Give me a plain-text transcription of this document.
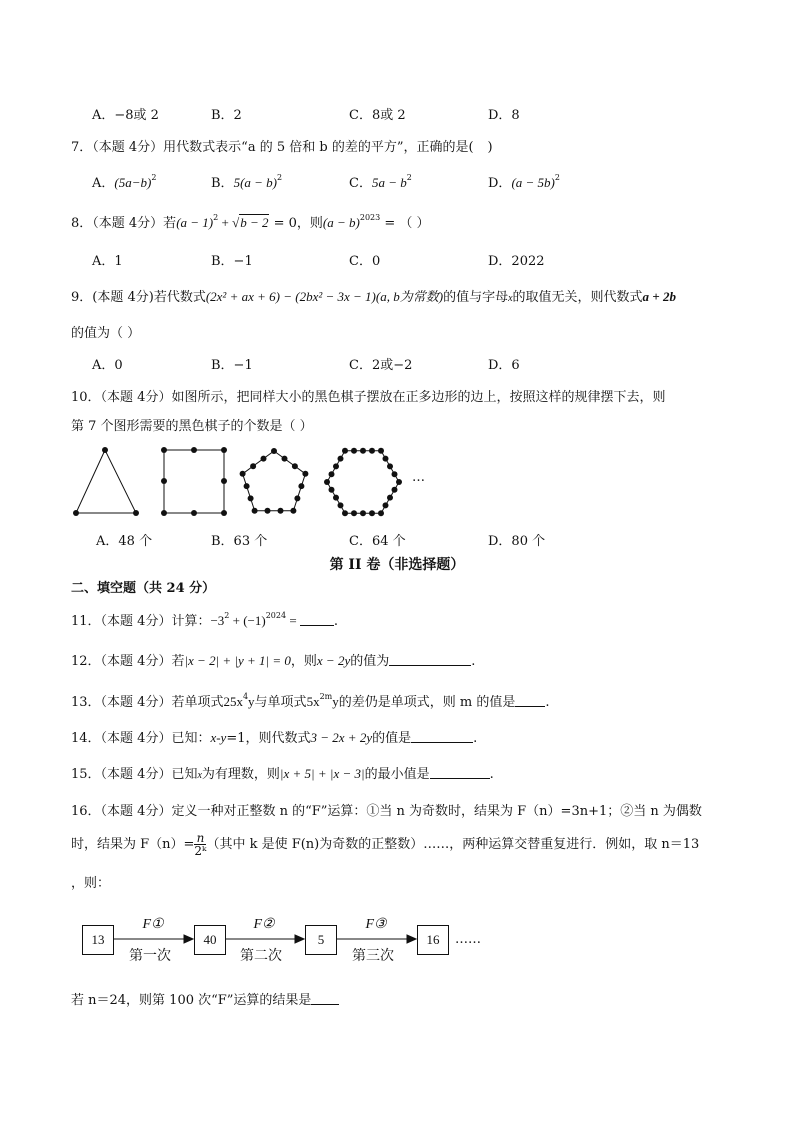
A．−8或 2	B．2	C．8或 2	D．8
7．（本题 4分）用代数式表示“a 的 5 倍和 b 的差的平方”，正确的是( )
A．$(5a-b)^2$	B．$5(a - b)^2$	C．$5a - b^2$	D．$(a - 5b)^2$
8．（本题 4分）若$(a - 1)^2 + √b - 2 = 0$，则$(a - b)^{2023}$ = （ ）
A．1	B．−1	C．0	D．2022
9．(本题 4分)若代数式(2x² + ax + 6) − (2bx² − 3x − 1)(a, b为常数)的值与字母x的取值无关，则代数式a + 2b
的值为（ ）
A．0	B．−1	C．2或−2	D．6
10．（本题 4分）如图所示，把同样大小的黑色棋子摆放在正多边形的边上，按照这样的规律摆下去，则
第 7 个图形需要的黑色棋子的个数是（ ）
…
A．48 个	B．63 个	C．64 个	D．80 个
第 II 卷（非选择题）
二、填空题（共 24 分）
11．（本题 4分）计算：$-3^2 + (-1)^{2024}$ =	.
12．（本题 4分）若|x − 2| + |y + 1| = 0，则x − 2y的值为	.
13．（本题 4分）若单项式$25x^4y$与单项式$5x^{2m}y$的差仍是单项式，则 m 的值是 .
14．（本题 4分）已知：x-y=1，则代数式3 − 2x + 2y的值是	.
15．（本题 4分）已知x为有理数，则|x + 5| + |x − 3|的最小值是	.
16．（本题 4分）定义一种对正整数 n 的“F”运算：①当 n 为奇数时，结果为 F（n）=3n+1；②当 n 为偶数
时，结果为 $F(n)= \frac{n}{\text{2ᵏ}}$ （其中 k 是使 F(n)为奇数的正整数）……，两种运算交替重复进行．例如，取 n＝13
，则：
13	40	5	16
F①	F②	F③
第一次	第二次	第三次
……
若 n＝24，则第 100 次“F”运算的结果是
